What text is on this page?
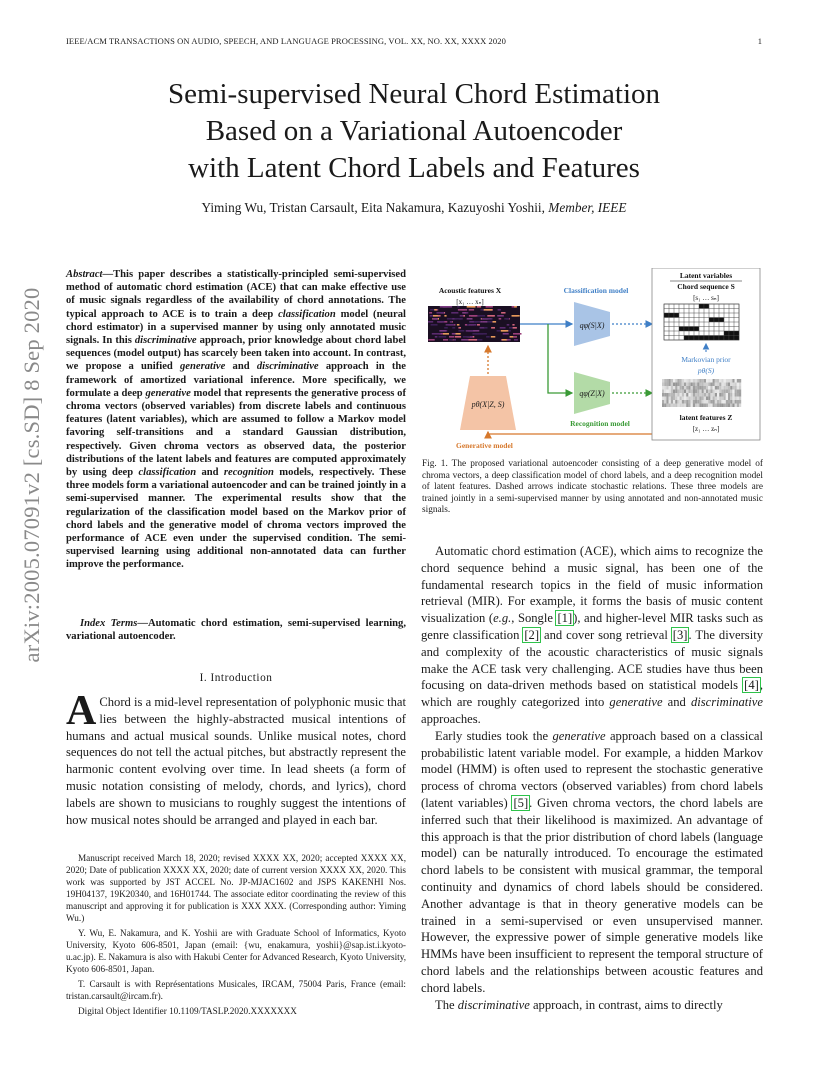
IEEE/ACM TRANSACTIONS ON AUDIO, SPEECH, AND LANGUAGE PROCESSING, VOL. XX, NO. XX, XXXX 2020	1
Semi-supervised Neural Chord Estimation
Based on a Variational Autoencoder
with Latent Chord Labels and Features
Yiming Wu, Tristan Carsault, Eita Nakamura, Kazuyoshi Yoshii, Member, IEEE
arXiv:2005.07091v2 [cs.SD] 8 Sep 2020
Abstract—This paper describes a statistically-principled semi-supervised method of automatic chord estimation (ACE) that can make effective use of music signals regardless of the availability of chord annotations. The typical approach to ACE is to train a deep classification model (neural chord estimator) in a supervised manner by using only annotated music signals. In this discriminative approach, prior knowledge about chord label sequences (model output) has scarcely been taken into account. In contrast, we propose a unified generative and discriminative approach in the framework of amortized variational inference. More specifically, we formulate a deep generative model that represents the generative process of chroma vectors (observed variables) from discrete labels and continuous features (latent variables), which are assumed to follow a Markov model favoring self-transitions and a standard Gaussian distribution, respectively. Given chroma vectors as observed data, the posterior distributions of the latent labels and features are computed approximately by using deep classification and recognition models, respectively. These three models form a variational autoencoder and can be trained jointly in a semi-supervised manner. The experimental results show that the regularization of the classification model based on the Markov prior of chord labels and the generative model of chroma vectors improved the performance of ACE even under the supervised condition. The semi-supervised learning using additional non-annotated data can further improve the performance.
Index Terms—Automatic chord estimation, semi-supervised learning, variational autoencoder.
I. Introduction
A Chord is a mid-level representation of polyphonic music that lies between the highly-abstracted musical intentions of humans and actual musical sounds. Unlike musical notes, chord sequences do not tell the actual pitches, but abstractly represent the harmonic content evolving over time. In lead sheets (a form of music notation consisting of melody, chords, and lyrics), chord labels are shown to musicians to roughly suggest the intentions of how musical notes should be arranged and played in each bar.

Manuscript received March 18, 2020; revised XXXX XX, 2020; accepted XXXX XX, 2020; Date of publication XXXX XX, 2020; date of current version XXXX XX, 2020. This work was supported by JST ACCEL No. JP-MJAC1602 and JSPS KAKENHI Nos. 19H04137, 19K20340, and 16H01744. The associate editor coordinating the review of this manuscript and approving it for publication is XXX XXX. (Corresponding author: Yiming Wu.)

Y. Wu, E. Nakamura, and K. Yoshii are with Graduate School of Informatics, Kyoto University, Kyoto 606-8501, Japan (email: {wu, enakamura, yoshii}@sap.ist.i.kyoto-u.ac.jp). E. Nakamura is also with Hakubi Center for Advanced Research, Kyoto University, Kyoto 606-8501, Japan.

T. Carsault is with Représentations Musicales, IRCAM, 75004 Paris, France (email: tristan.carsault@ircam.fr).

Digital Object Identifier 10.1109/TASLP.2020.XXXXXXX

Acoustic features X
[x₁ … xₙ]
Classification model
qφ(S|X)
qφ(Z|X)
Recognition model
pθ(X|Z, S)
Generative model
Latent variables
Chord sequence S
[s₁ … sₙ]
Markovian prior
pθ(S)
latent features Z
[z₁ … zₙ]
Fig. 1. The proposed variational autoencoder consisting of a deep generative model of chroma vectors, a deep classification model of chord labels, and a deep recognition model of latent features. Dashed arrows indicate stochastic relations. These three models are trained jointly in a semi-supervised manner by using annotated and non-annotated music signals.

Automatic chord estimation (ACE), which aims to recognize the chord sequence behind a music signal, has been one of the fundamental research topics in the field of music information retrieval (MIR). For example, it forms the basis of music content visualization (e.g., Songle [1]), and higher-level MIR tasks such as genre classification [2] and cover song retrieval [3]. The diversity and complexity of the acoustic characteristics of music signals make the ACE task very challenging. ACE studies have thus been focusing on data-driven methods based on statistical models [4], which are roughly categorized into generative and discriminative approaches.

Early studies took the generative approach based on a classical probabilistic latent variable model. For example, a hidden Markov model (HMM) is often used to represent the stochastic generative process of chroma vectors (observed variables) from chord labels (latent variables) [5]. Given chroma vectors, the chord labels are inferred such that their likelihood is maximized. An advantage of this approach is that the prior distribution of chord labels (language model) can be naturally introduced. To encourage the estimated chord labels to be consistent with musical grammar, the temporal continuity and dynamics of chord labels should be considered. Another advantage is that in theory generative models can be trained in a semi-supervised or even unsupervised manner. However, the expressive power of simple generative models like HMMs have been insufficient to represent the temporal structure of chord labels and the relationships between acoustic features and chord labels.

The discriminative approach, in contrast, aims to directly
